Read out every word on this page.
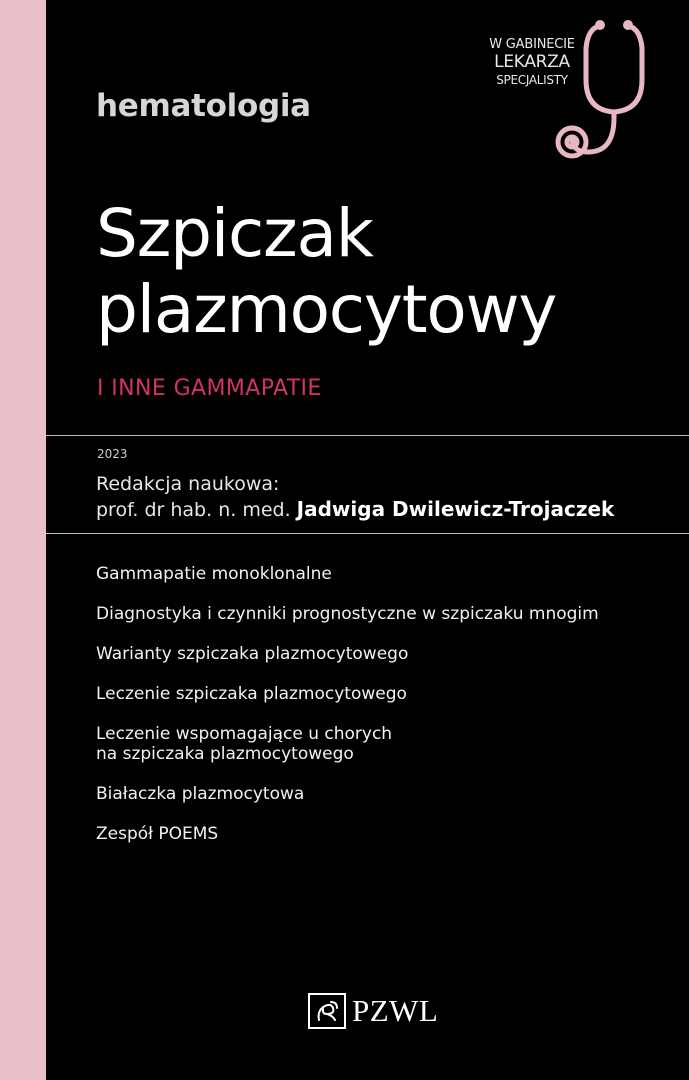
hematologia
W GABINECIE
LEKARZA
SPECJALISTY
Szpiczak
plazmocytowy
I INNE GAMMAPATIE
2023
Redakcja naukowa:
prof. dr hab. n. med. Jadwiga Dwilewicz-Trojaczek
Gammapatie monoklonalne
Diagnostyka i czynniki prognostyczne w szpiczaku mnogim
Warianty szpiczaka plazmocytowego
Leczenie szpiczaka plazmocytowego
Leczenie wspomagające u chorych
na szpiczaka plazmocytowego
Białaczka plazmocytowa
Zespół POEMS
PZWL
